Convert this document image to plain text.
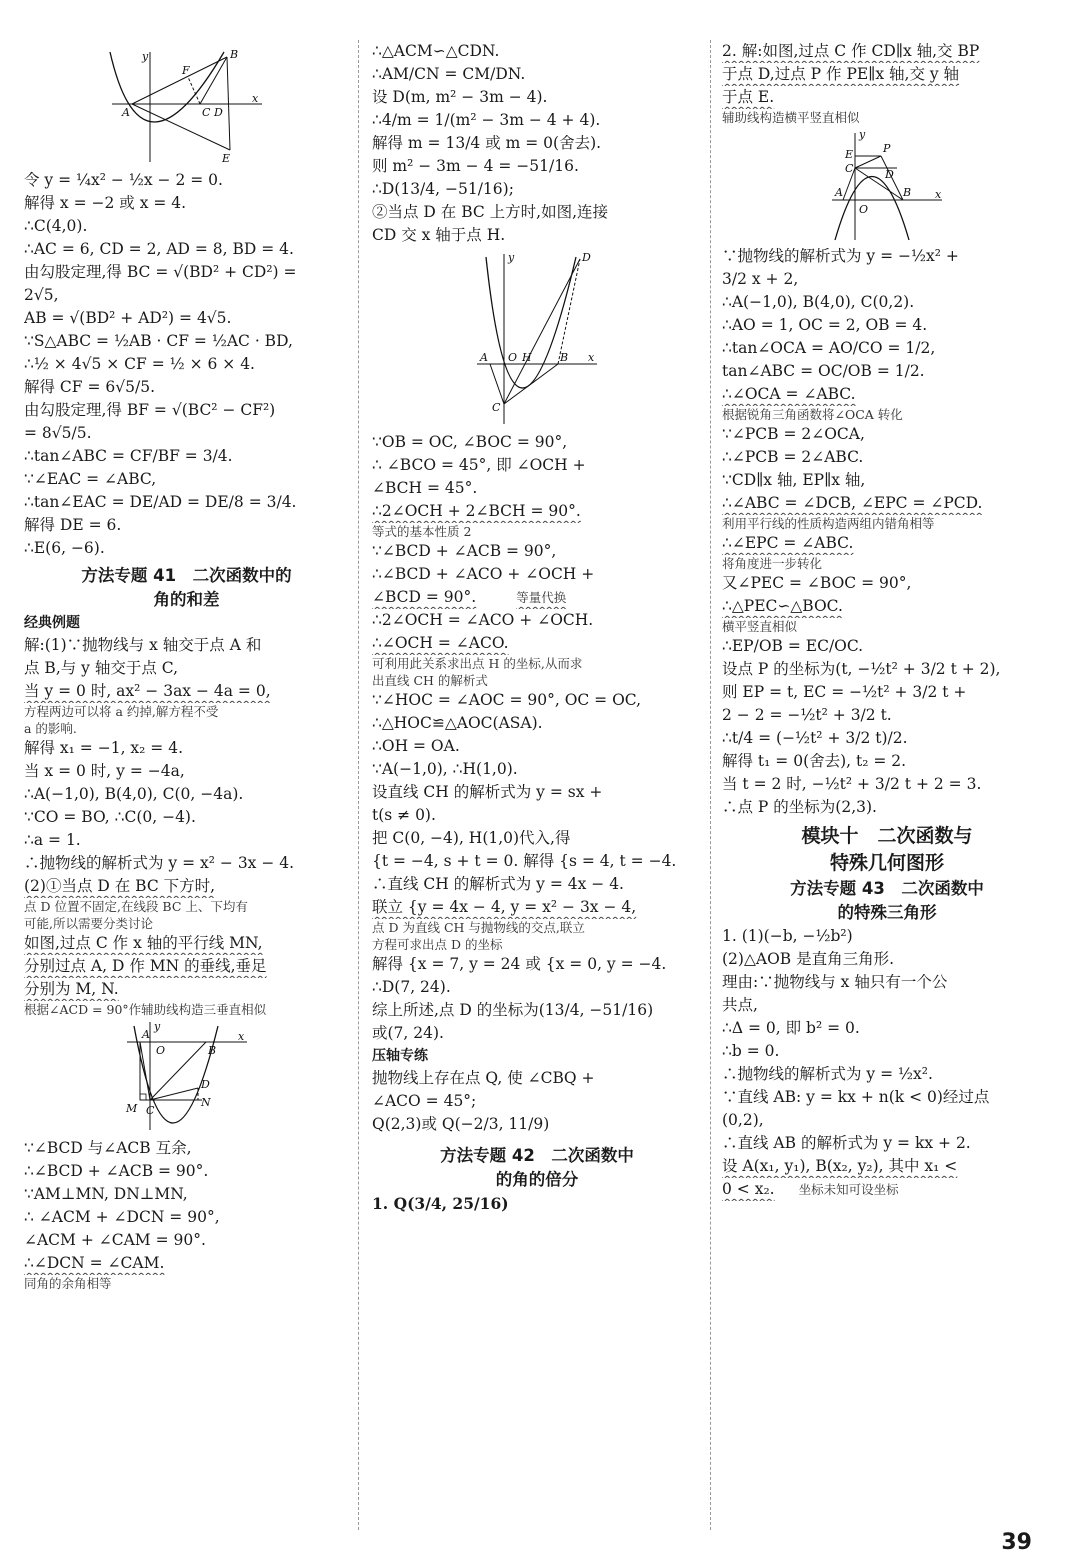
y
F
B
A	C D
x
E
令 y = ¼x² − ½x − 2 = 0.
解得 x = −2 或 x = 4.
∴C(4,0).
∴AC = 6, CD = 2, AD = 8, BD = 4.
由勾股定理,得 BC = √(BD² + CD²) =
2√5,
AB = √(BD² + AD²) = 4√5.
∵S△ABC = ½AB · CF = ½AC · BD,
∴½ × 4√5 × CF = ½ × 6 × 4.
解得 CF = 6√5/5.
由勾股定理,得 BF = √(BC² − CF²)
= 8√5/5.
∴tan∠ABC = CF/BF = 3/4.
∵∠EAC = ∠ABC,
∴tan∠EAC = DE/AD = DE/8 = 3/4.
解得 DE = 6.
∴E(6, −6).
方法专题 41　二次函数中的
角的和差
经典例题
解:(1)∵抛物线与 x 轴交于点 A 和
点 B,与 y 轴交于点 C,
当 y = 0 时, ax² − 3ax − 4a = 0,
方程两边可以将 a 约掉,解方程不受
a 的影响.
解得 x₁ = −1, x₂ = 4.
当 x = 0 时, y = −4a,
∴A(−1,0), B(4,0), C(0, −4a).
∵CO = BO, ∴C(0, −4).
∴a = 1.
∴抛物线的解析式为 y = x² − 3x − 4.
(2)①当点 D 在 BC 下方时,
点 D 位置不固定,在线段 BC 上、下均有
可能,所以需要分类讨论
如图,过点 C 作 x 轴的平行线 MN,
分别过点 A, D 作 MN 的垂线,垂足
分别为 M, N.
根据∠ACD = 90°作辅助线构造三垂直相似
y
A
O	B
x
D
M C
N
∵∠BCD 与∠ACB 互余,
∴∠BCD + ∠ACB = 90°.
∵AM⊥MN, DN⊥MN,
∴ ∠ACM + ∠DCN = 90°,
∠ACM + ∠CAM = 90°.
∴∠DCN = ∠CAM.
同角的余角相等
∴△ACM∽△CDN.
∴AM/CN = CM/DN.
设 D(m, m² − 3m − 4).
∴4/m = 1/(m² − 3m − 4 + 4).
解得 m = 13/4 或 m = 0(舍去).
则 m² − 3m − 4 = −51/16.
∴D(13/4, −51/16);
②当点 D 在 BC 上方时,如图,连接
CD 交 x 轴于点 H.
y	D
A O H	B x
C
∵OB = OC, ∠BOC = 90°,
∴ ∠BCO = 45°, 即 ∠OCH +
∠BCH = 45°.
∴2∠OCH + 2∠BCH = 90°.
等式的基本性质 2
∵∠BCD + ∠ACB = 90°,
∴∠BCD + ∠ACO + ∠OCH +
∠BCD = 90°.	等量代换
∴2∠OCH = ∠ACO + ∠OCH.
∴∠OCH = ∠ACO.
可利用此关系求出点 H 的坐标,从而求
出直线 CH 的解析式
∵∠HOC = ∠AOC = 90°, OC = OC,
∴△HOC≌△AOC(ASA).
∴OH = OA.
∵A(−1,0), ∴H(1,0).
设直线 CH 的解析式为 y = sx +
t(s ≠ 0).
把 C(0, −4), H(1,0)代入,得
{t = −4, s + t = 0. 解得 {s = 4, t = −4.
∴直线 CH 的解析式为 y = 4x − 4.
联立 {y = 4x − 4, y = x² − 3x − 4,
点 D 为直线 CH 与抛物线的交点,联立
方程可求出点 D 的坐标
解得 {x = 7, y = 24 或 {x = 0, y = −4.
∴D(7, 24).
综上所述,点 D 的坐标为(13/4, −51/16)
或(7, 24).
压轴专练
抛物线上存在点 Q, 使 ∠CBQ +
∠ACO = 45°;
Q(2,3)或 Q(−2/3, 11/9)
方法专题 42　二次函数中
的角的倍分
1. Q(3/4, 25/16)
2. 解:如图,过点 C 作 CD∥x 轴,交 BP
于点 D,过点 P 作 PE∥x 轴,交 y 轴
于点 E.
辅助线构造横平竖直相似
y
E	P
C	D
A	B
O
x
∵抛物线的解析式为 y = −½x² +
3/2 x + 2,
∴A(−1,0), B(4,0), C(0,2).
∴AO = 1, OC = 2, OB = 4.
∴tan∠OCA = AO/CO = 1/2,
tan∠ABC = OC/OB = 1/2.
∴∠OCA = ∠ABC.
根据锐角三角函数将∠OCA 转化
∵∠PCB = 2∠OCA,
∴∠PCB = 2∠ABC.
∵CD∥x 轴, EP∥x 轴,
∴∠ABC = ∠DCB, ∠EPC = ∠PCD.
利用平行线的性质构造两组内错角相等
∴∠EPC = ∠ABC.
将角度进一步转化
又∠PEC = ∠BOC = 90°,
∴△PEC∽△BOC.
横平竖直相似
∴EP/OB = EC/OC.
设点 P 的坐标为(t, −½t² + 3/2 t + 2),
则 EP = t, EC = −½t² + 3/2 t +
2 − 2 = −½t² + 3/2 t.
∴t/4 = (−½t² + 3/2 t)/2.
解得 t₁ = 0(舍去), t₂ = 2.
当 t = 2 时, −½t² + 3/2 t + 2 = 3.
∴点 P 的坐标为(2,3).
模块十　二次函数与
特殊几何图形
方法专题 43　二次函数中
的特殊三角形
1. (1)(−b, −½b²)
(2)△AOB 是直角三角形.
理由:∵抛物线与 x 轴只有一个公
共点,
∴Δ = 0, 即 b² = 0.
∴b = 0.
∴抛物线的解析式为 y = ½x².
∵直线 AB: y = kx + n(k < 0)经过点
(0,2),
∴直线 AB 的解析式为 y = kx + 2.
设 A(x₁, y₁), B(x₂, y₂), 其中 x₁ <
0 < x₂. 坐标未知可设坐标
39
